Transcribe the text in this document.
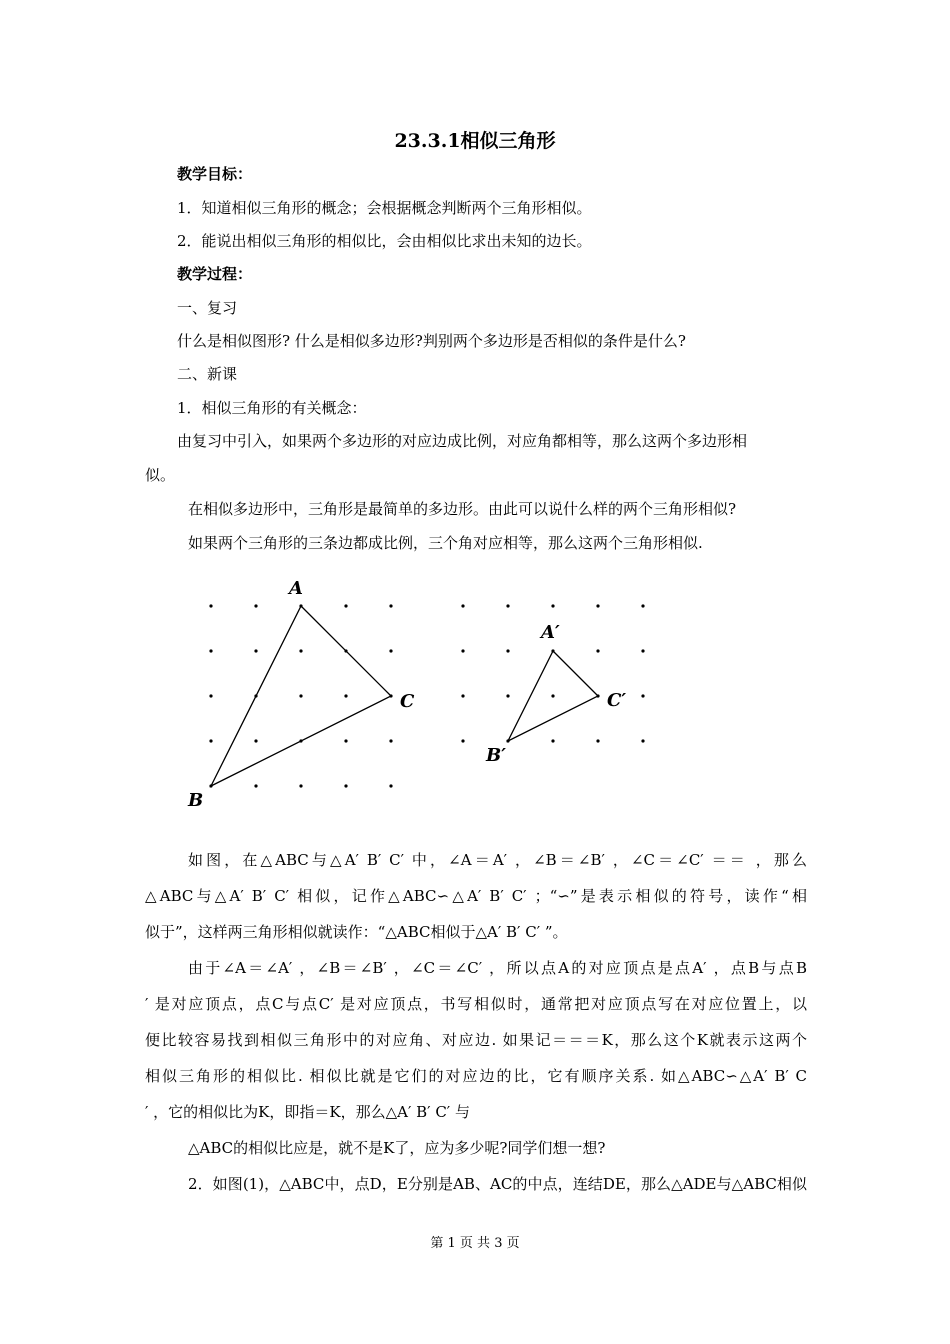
23.3.1相似三角形
教学目标：
1．知道相似三角形的概念；会根据概念判断两个三角形相似。
2．能说出相似三角形的相似比，会由相似比求出未知的边长。
教学过程：
一、复习
什么是相似图形? 什么是相似多边形?判别两个多边形是否相似的条件是什么?
二、新课
1．相似三角形的有关概念：
由复习中引入，如果两个多边形的对应边成比例，对应角都相等，那么这两个多边形相
似。
在相似多边形中，三角形是最简单的多边形。由此可以说什么样的两个三角形相似?
如果两个三角形的三条边都成比例，三个角对应相等，那么这两个三角形相似.
A
C
B
A′
C′
B′
如图，在△ABC与△A′ B′ C′ 中，∠A＝A′ ，∠B＝∠B′ ，∠C＝∠C′ ＝＝ ，那么
△ABC与△A′ B′ C′ 相似，记作△ABC∽△A′ B′ C′ ；“∽”是表示相似的符号，读作“相
似于”，这样两三角形相似就读作：“△ABC相似于△A′ B′ C′ ”。
由于∠A＝∠A′ ，∠B＝∠B′ ，∠C＝∠C′ ，所以点A的对应顶点是点A′ ，点B与点B
′ 是对应顶点，点C与点C′ 是对应顶点，书写相似时，通常把对应顶点写在对应位置上，以
便比较容易找到相似三角形中的对应角、对应边. 如果记＝＝＝K，那么这个K就表示这两个
相似三角形的相似比. 相似比就是它们的对应边的比，它有顺序关系. 如△ABC∽△A′ B′ C
′ ，它的相似比为K，即指＝K，那么△A′ B′ C′ 与
△ABC的相似比应是，就不是K了，应为多少呢?同学们想一想?
2．如图(1)，△ABC中，点D，E分别是AB、AC的中点，连结DE，那么△ADE与△ABC相似
第 1 页 共 3 页
